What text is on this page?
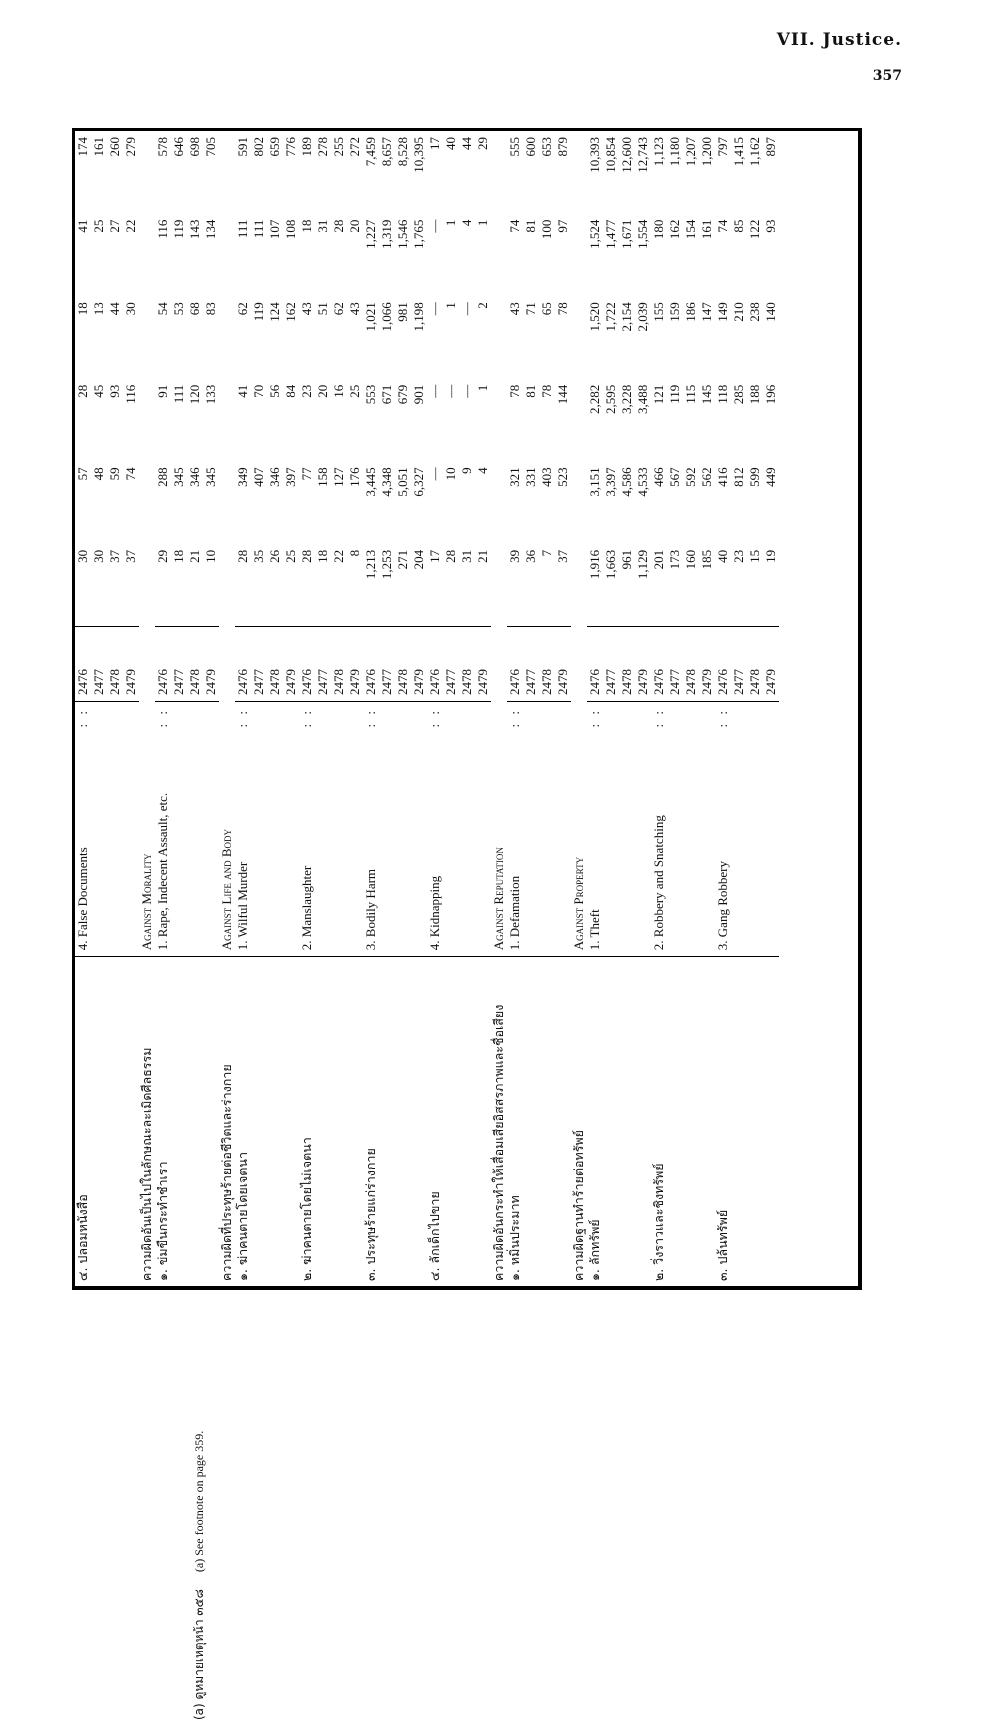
VII. Justice.
357
๔. ปลอมหนังสือ	4. False Documents
: :	2476 2477 2478 2479	30 30 37 37	57 48 59 74	28 45 93 116	18 13 44 30	41 25 27 22	174 161 260 279

ความผิดอันเป็นไปในลักษณะละเมิดศีลธรรม	Against Morality							
๑. ข่มขืนกระทำชำเรา	1. Rape, Indecent Assault, etc.
: :	2476 2477 2478 2479	29 18 21 10	288 345 346 345	91 111 120 133	54 53 68 83	116 119 143 134	578 646 698 705

ความผิดที่ประทุษร้ายต่อชีวิตและร่างกาย	Against Life and Body							
๑. ฆ่าคนตายโดยเจตนา	1. Wilful Murder
: :	2476 2477 2478 2479	28 35 26 25	349 407 346 397	41 70 56 84	62 119 124 162	111 111 107 108	591 802 659 776

๒. ฆ่าคนตายโดยไม่เจตนา	2. Manslaughter
: :	2476 2477 2478 2479	28 18 22 8	77 158 127 176	23 20 16 25	43 51 62 43	18 31 28 20	189 278 255 272

๓. ประทุษร้ายแก่ร่างกาย	3. Bodily Harm
: :	2476 2477 2478 2479	1,213 1,253 271 204	3,445 4,348 5,051 6,327	553 671 679 901	1,021 1,066 981 1,198	1,227 1,319 1,546 1,765	7,459 8,657 8,528 10,395

๔. ลักเด็กไปขาย	4. Kidnapping
: :	2476 2477 2478 2479	17 28 31 21	— 10 9 4	— — — 1	— 1 — 2	— 1 4 1	17 40 44 29

ความผิดอันกระทำให้เสื่อมเสียอิสสรภาพและชื่อเสียง	Against Reputation							
๑. หมิ่นประมาท	1. Defamation
: :	2476 2477 2478 2479	39 36 7 37	321 331 403 523	78 81 78 144	43 71 65 78	74 81 100 97	555 600 653 879

ความผิดฐานทำร้ายต่อทรัพย์	Against Property							
๑. ลักทรัพย์	1. Theft
: :	2476 2477 2478 2479	1,916 1,663 961 1,129	3,151 3,397 4,586 4,533	2,282 2,595 3,228 3,488	1,520 1,722 2,154 2,039	1,524 1,477 1,671 1,554	10,393 10,854 12,600 12,743

๒. วิ่งราวและชิงทรัพย์	2. Robbery and Snatching
: :	2476 2477 2478 2479	201 173 160 185	466 567 592 562	121 119 115 145	155 159 186 147	180 162 154 161	1,123 1,180 1,207 1,200

๓. ปล้นทรัพย์	3. Gang Robbery
: :	2476 2477 2478 2479	40 23 15 19	416 812 599 449	118 285 188 196	149 210 238 140	74 85 122 93	797 1,415 1,162 897
(a) ดูหมายเหตุหน้า ๓๕๘ (a) See footnote on page 359.
